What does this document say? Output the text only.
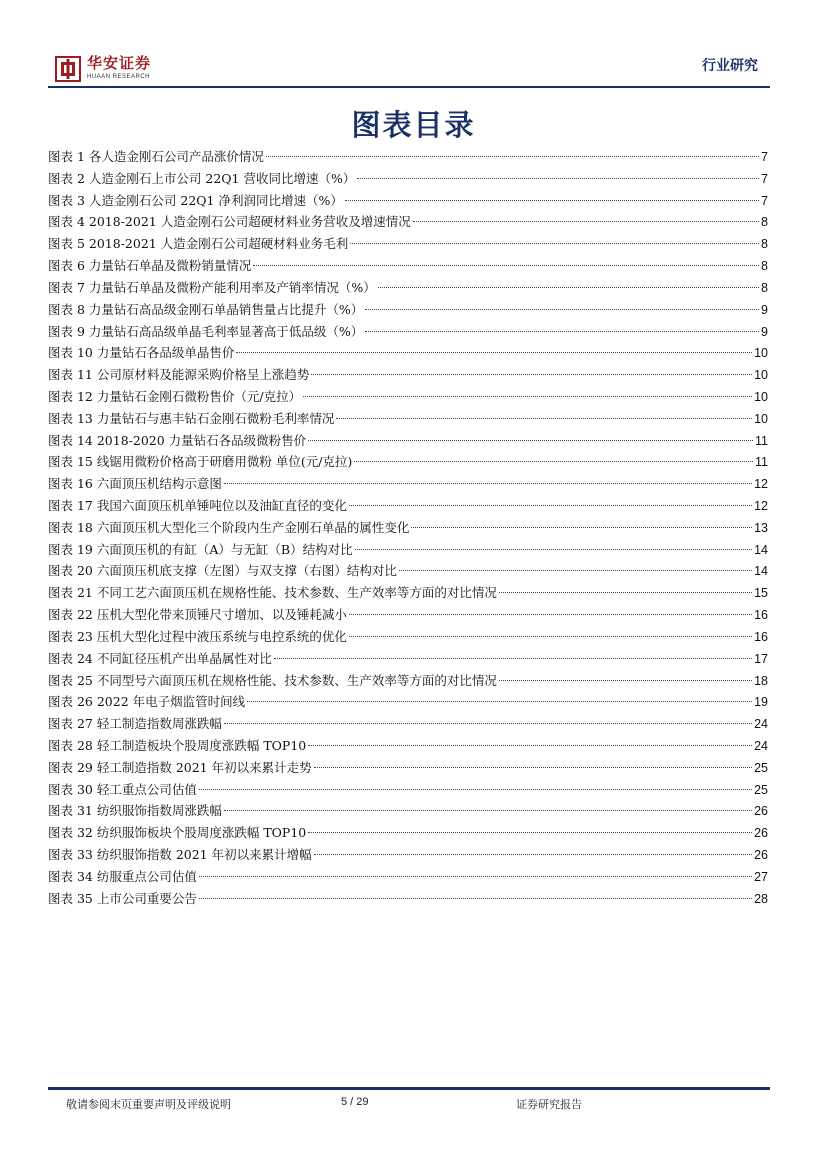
华安证券
HUAAN RESEARCH
行业研究
图表目录
图表 1 各人造金刚石公司产品涨价情况	7
图表 2 人造金刚石上市公司 22Q1 营收同比增速（%）	7
图表 3 人造金刚石公司 22Q1 净利润同比增速（%）	7
图表 4 2018-2021 人造金刚石公司超硬材料业务营收及增速情况	8
图表 5 2018-2021 人造金刚石公司超硬材料业务毛利	8
图表 6 力量钻石单晶及微粉销量情况	8
图表 7 力量钻石单晶及微粉产能利用率及产销率情况（%）	8
图表 8 力量钻石高品级金刚石单晶销售量占比提升（%）	9
图表 9 力量钻石高品级单晶毛利率显著高于低品级（%）	9
图表 10 力量钻石各品级单晶售价	10
图表 11 公司原材料及能源采购价格呈上涨趋势	10
图表 12 力量钻石金刚石微粉售价（元/克拉）	10
图表 13 力量钻石与惠丰钻石金刚石微粉毛利率情况	10
图表 14 2018-2020 力量钻石各品级微粉售价	11
图表 15 线锯用微粉价格高于研磨用微粉 单位(元/克拉)	11
图表 16 六面顶压机结构示意图	12
图表 17 我国六面顶压机单锤吨位以及油缸直径的变化	12
图表 18 六面顶压机大型化三个阶段内生产金刚石单晶的属性变化	13
图表 19 六面顶压机的有缸（A）与无缸（B）结构对比	14
图表 20 六面顶压机底支撑（左图）与双支撑（右图）结构对比	14
图表 21 不同工艺六面顶压机在规格性能、技术参数、生产效率等方面的对比情况	15
图表 22 压机大型化带来顶锤尺寸增加、以及锤耗减小	16
图表 23 压机大型化过程中液压系统与电控系统的优化	16
图表 24 不同缸径压机产出单晶属性对比	17
图表 25 不同型号六面顶压机在规格性能、技术参数、生产效率等方面的对比情况	18
图表 26 2022 年电子烟监管时间线	19
图表 27 轻工制造指数周涨跌幅	24
图表 28 轻工制造板块个股周度涨跌幅 TOP10	24
图表 29 轻工制造指数 2021 年初以来累计走势	25
图表 30 轻工重点公司估值	25
图表 31 纺织服饰指数周涨跌幅	26
图表 32 纺织服饰板块个股周度涨跌幅 TOP10	26
图表 33 纺织服饰指数 2021 年初以来累计增幅	26
图表 34 纺服重点公司估值	27
图表 35 上市公司重要公告	28
敬请参阅末页重要声明及评级说明	5 / 29	证券研究报告
